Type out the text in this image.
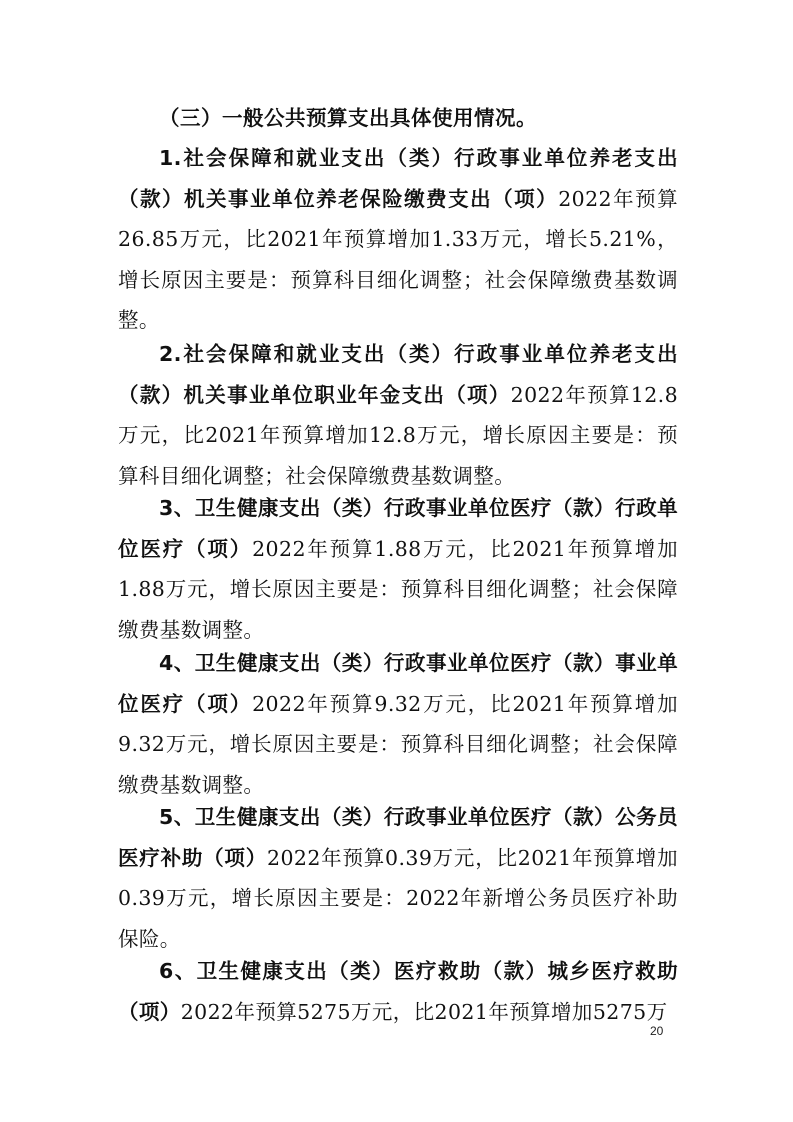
（三）一般公共预算支出具体使用情况。

1.社会保障和就业支出（类）行政事业单位养老支出（款）机关事业单位养老保险缴费支出（项）2022年预算26.85万元，比2021年预算增加1.33万元，增长5.21%，增长原因主要是：预算科目细化调整；社会保障缴费基数调整。

2.社会保障和就业支出（类）行政事业单位养老支出（款）机关事业单位职业年金支出（项）2022年预算12.8万元，比2021年预算增加12.8万元，增长原因主要是：预算科目细化调整；社会保障缴费基数调整。

3、卫生健康支出（类）行政事业单位医疗（款）行政单位医疗（项）2022年预算1.88万元，比2021年预算增加1.88万元，增长原因主要是：预算科目细化调整；社会保障缴费基数调整。

4、卫生健康支出（类）行政事业单位医疗（款）事业单位医疗（项）2022年预算9.32万元，比2021年预算增加9.32万元，增长原因主要是：预算科目细化调整；社会保障缴费基数调整。

5、卫生健康支出（类）行政事业单位医疗（款）公务员医疗补助（项）2022年预算0.39万元，比2021年预算增加0.39万元，增长原因主要是：2022年新增公务员医疗补助保险。

6、卫生健康支出（类）医疗救助（款）城乡医疗救助（项）2022年预算5275万元，比2021年预算增加5275万

20
